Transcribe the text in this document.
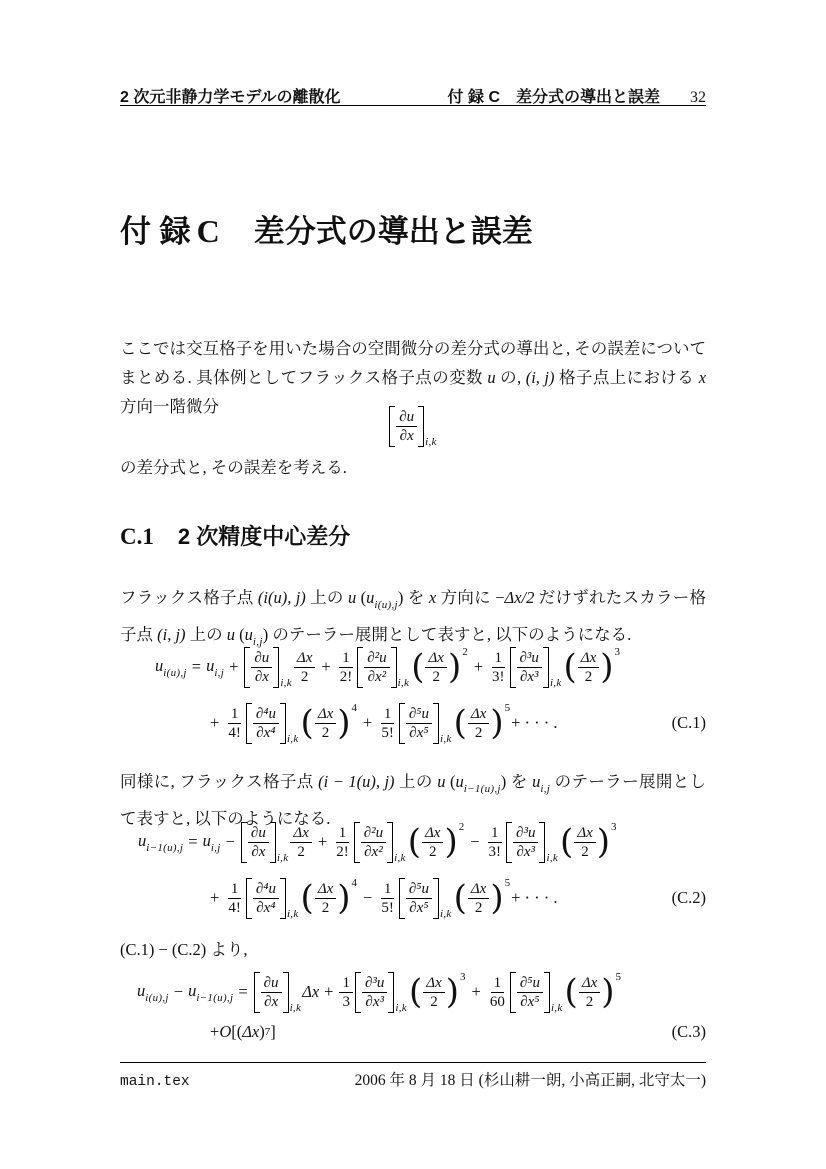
2 次元非静力学モデルの離散化	付 録 C　差分式の導出と誤差 32
付 録 C 差分式の導出と誤差
ここでは交互格子を用いた場合の空間微分の差分式の導出と, その誤差についてまとめる. 具体例としてフラックス格子点の変数 u の, (i, j) 格子点上における x 方向一階微分	$\frac{\partial u}{\partial x} i,k$
の差分式と, その誤差を考える.
C.1 2 次精度中心差分
フラックス格子点 (i(u), j) 上の u $(u_{i(u),j})$ を x 方向に −Δx/2 だけずれたスカラー格子点 (i, j) 上の u $(u_{i,j})$ のテーラー展開として表すと, 以下のようになる.
$u_{i(u),j} = u_{i,j} + \frac{\partial u}{\partial x} i,k \frac{\Delta x}{2} + \frac{1}{2!} \frac{\text{∂²u}}{\text{∂x²}} i,k$ ( $\frac{\Delta x}{2}$ ) 2
+ $\frac{1}{3!} \frac{\text{∂³u}}{\text{∂x³}} i,k$ ( $\frac{\Delta x}{2}$ ) 3
+ $\frac{1}{4!} \frac{\text{∂⁴u}}{\text{∂x⁴}} i,k$ ( $\frac{\Delta x}{2}$ ) 4
+ $\frac{1}{5!} \frac{\text{∂⁵u}}{\text{∂x⁵}} i,k$ ( $\frac{\Delta x}{2}$ ) 5
+ · · · .	(C.1)
同様に, フラックス格子点 (i − 1(u), j) 上の u $(u_{i-1(u),j})$ を $u_{i,j}$ のテーラー展開として表すと, 以下のようになる.
$u_{i-1(u),j} = u_{i,j} - \frac{\partial u}{\partial x} i,k \frac{\Delta x}{2} + \frac{1}{2!} \frac{\text{∂²u}}{\text{∂x²}} i,k$ ( $\frac{\Delta x}{2}$ ) 2
− $\frac{1}{3!} \frac{\text{∂³u}}{\text{∂x³}} i,k$ ( $\frac{\Delta x}{2}$ ) 3
+ $\frac{1}{4!} \frac{\text{∂⁴u}}{\text{∂x⁴}} i,k$ ( $\frac{\Delta x}{2}$ ) 4
− $\frac{1}{5!} \frac{\text{∂⁵u}}{\text{∂x⁵}} i,k$ ( $\frac{\Delta x}{2}$ ) 5
+ · · · .	(C.2)
(C.1) − (C.2) より,
$u_{i(u),j} - u_{i-1(u),j} = \frac{\partial u}{\partial x} i,k$
$\Delta x + \frac{1}{3} \frac{\text{∂³u}}{\text{∂x³}} i,k$ ( $\frac{\Delta x}{2}$ ) 3
+ $\frac{1}{60} \frac{\text{∂⁵u}}{\text{∂x⁵}} i,k$ ( $\frac{\Delta x}{2}$ ) 5
+ O [( Δx ) 7 ]	(C.3)
main.tex	2006 年 8 月 18 日 (杉山耕一朗, 小高正嗣, 北守太一)
